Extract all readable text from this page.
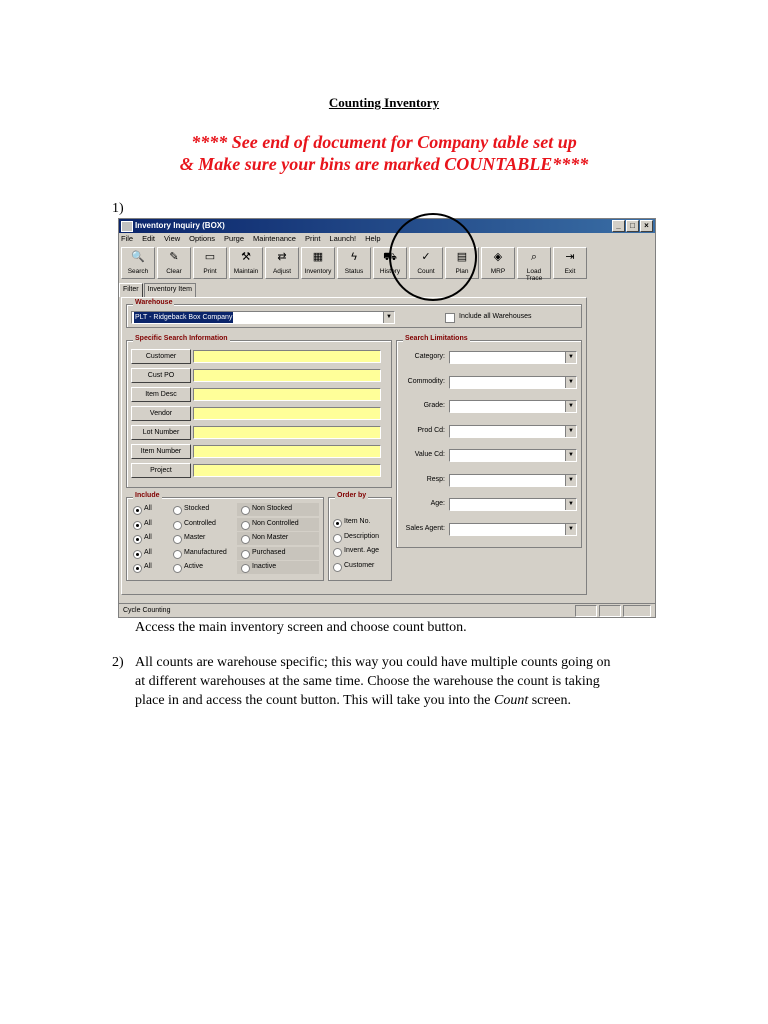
Counting Inventory
**** See end of document for Company table set up
& Make sure your bins are marked COUNTABLE****
1)
Inventory Inquiry (BOX)	_	□	×
File Edit View Options Purge Maintenance Print Launch! Help
🔍
Search
✎
Clear
▭
Print
⚒
Maintain
⇄
Adjust
▦
Inventory
ϟ
Status
⛟
History
✓
Count
▤
Plan
◈
MRP
⌕
Load Trace
⇥
Exit
Filter	Inventory Item
Warehouse
PLT - Ridgeback Box Company	▼	Include all Warehouses
Specific Search Information
Customer
Cust PO
Item Desc
Vendor
Lot Number
Item Number
Project
Search Limitations
Category:	▼
Commodity:	▼
Grade:	▼
Prod Cd:	▼
Value Cd:	▼
Resp:	▼
Age:	▼
Sales Agent:	▼
Include
All	Stocked	Non Stocked
All	Controlled	Non Controlled
All	Master	Non Master
All	Manufactured	Purchased
All	Active	Inactive
Order by
Item No.
Description
Invent. Age
Customer
Cycle Counting
Access the main inventory screen and choose count button.
2) All counts are warehouse specific; this way you could have multiple counts going on
at different warehouses at the same time. Choose the warehouse the count is taking
place in and access the count button. This will take you into the Count screen.
